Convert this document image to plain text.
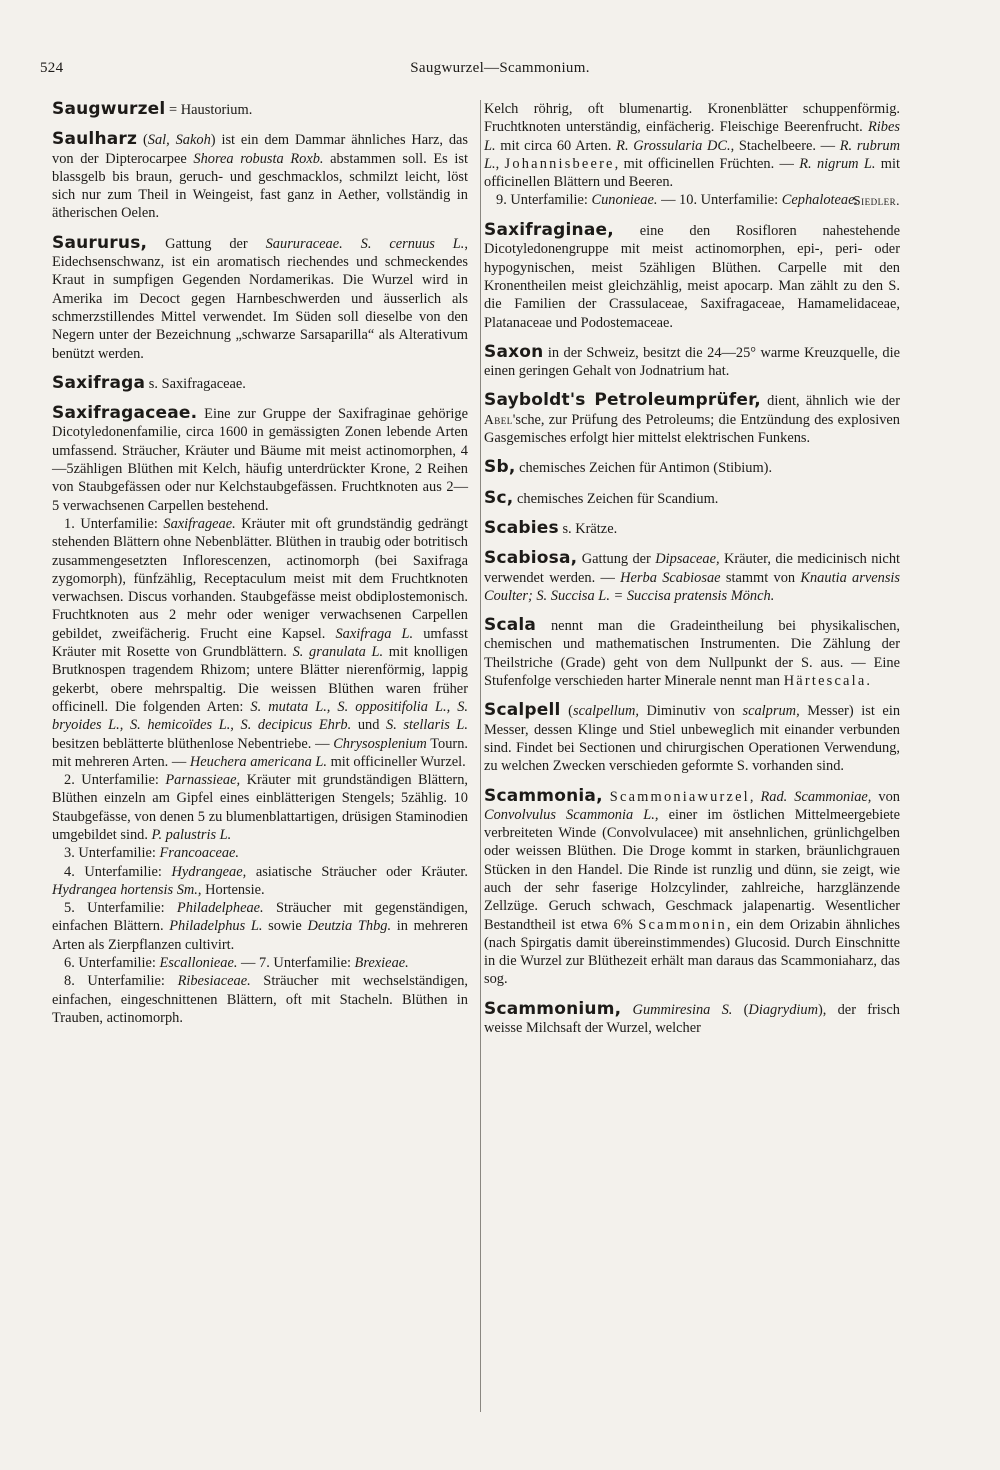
524	Saugwurzel—Scammonium.

Saugwurzel = Haustorium.

Saulharz (Sal, Sakoh) ist ein dem Dammar ähnliches Harz, das von der Dipterocarpee Shorea robusta Roxb. abstammen soll. Es ist blassgelb bis braun, geruch- und geschmacklos, schmilzt leicht, löst sich nur zum Theil in Weingeist, fast ganz in Aether, vollständig in ätherischen Oelen.

Saururus, Gattung der Saururaceae. S. cernuus L., Eidechsenschwanz, ist ein aromatisch riechendes und schmeckendes Kraut in sumpfigen Gegenden Nordamerikas. Die Wurzel wird in Amerika im Decoct gegen Harnbeschwerden und äusserlich als schmerzstillendes Mittel verwendet. Im Süden soll dieselbe von den Negern unter der Bezeichnung „schwarze Sarsaparilla“ als Alterativum benützt werden.

Saxifraga s. Saxifragaceae.

Saxifragaceae. Eine zur Gruppe der Saxifraginae gehörige Dicotyledonenfamilie, circa 1600 in gemässigten Zonen lebende Arten umfassend. Sträucher, Kräuter und Bäume mit meist actinomorphen, 4—5zähligen Blüthen mit Kelch, häufig unterdrückter Krone, 2 Reihen von Staubgefässen oder nur Kelchstaubgefässen. Fruchtknoten aus 2—5 verwachsenen Carpellen bestehend.

1. Unterfamilie: Saxifrageae. Kräuter mit oft grundständig gedrängt stehenden Blättern ohne Nebenblätter. Blüthen in traubig oder botritisch zusammengesetzten Inflorescenzen, actinomorph (bei Saxifraga zygomorph), fünfzählig, Receptaculum meist mit dem Fruchtknoten verwachsen. Discus vorhanden. Staubgefässe meist obdiplostemonisch. Fruchtknoten aus 2 mehr oder weniger verwachsenen Carpellen gebildet, zweifächerig. Frucht eine Kapsel. Saxifraga L. umfasst Kräuter mit Rosette von Grundblättern. S. granulata L. mit knolligen Brutknospen tragendem Rhizom; untere Blätter nierenförmig, lappig gekerbt, obere mehrspaltig. Die weissen Blüthen waren früher officinell. Die folgenden Arten: S. mutata L., S. oppositifolia L., S. bryoides L., S. hemicoïdes L., S. decipicus Ehrb. und S. stellaris L. besitzen beblätterte blüthenlose Nebentriebe. — Chrysosplenium Tourn. mit mehreren Arten. — Heuchera americana L. mit officineller Wurzel.

2. Unterfamilie: Parnassieae, Kräuter mit grundständigen Blättern, Blüthen einzeln am Gipfel eines einblätterigen Stengels; 5zählig. 10 Staubgefässe, von denen 5 zu blumenblattartigen, drüsigen Staminodien umgebildet sind. P. palustris L.

3. Unterfamilie: Francoaceae.

4. Unterfamilie: Hydrangeae, asiatische Sträucher oder Kräuter. Hydrangea hortensis Sm., Hortensie.

5. Unterfamilie: Philadelpheae. Sträucher mit gegenständigen, einfachen Blättern. Philadelphus L. sowie Deutzia Thbg. in mehreren Arten als Zierpflanzen cultivirt.

6. Unterfamilie: Escallonieae. — 7. Unterfamilie: Brexieae.

8. Unterfamilie: Ribesiaceae. Sträucher mit wechselständigen, einfachen, eingeschnittenen Blättern, oft mit Stacheln. Blüthen in Trauben, actinomorph.

Kelch röhrig, oft blumenartig. Kronenblätter schuppenförmig. Fruchtknoten unterständig, einfächerig. Fleischige Beerenfrucht. Ribes L. mit circa 60 Arten. R. Grossularia DC., Stachelbeere. — R. rubrum L., Johannisbeere, mit officinellen Früchten. — R. nigrum L. mit officinellen Blättern und Beeren.

9. Unterfamilie: Cunonieae. — 10. Unterfamilie: Cephaloteae.

Siedler.

Saxifraginae, eine den Rosifloren nahestehende Dicotyledonengruppe mit meist actinomorphen, epi-, peri- oder hypogynischen, meist 5zähligen Blüthen. Carpelle mit den Kronentheilen meist gleichzählig, meist apocarp. Man zählt zu den S. die Familien der Crassulaceae, Saxifragaceae, Hamamelidaceae, Platanaceae und Podostemaceae.

Saxon in der Schweiz, besitzt die 24—25° warme Kreuzquelle, die einen geringen Gehalt von Jodnatrium hat.

Sayboldt's Petroleumprüfer, dient, ähnlich wie der Abel'sche, zur Prüfung des Petroleums; die Entzündung des explosiven Gasgemisches erfolgt hier mittelst elektrischen Funkens.

Sb, chemisches Zeichen für Antimon (Stibium).

Sc, chemisches Zeichen für Scandium.

Scabies s. Krätze.

Scabiosa, Gattung der Dipsaceae, Kräuter, die medicinisch nicht verwendet werden. — Herba Scabiosae stammt von Knautia arvensis Coulter; S. Succisa L. = Succisa pratensis Mönch.

Scala nennt man die Gradeintheilung bei physikalischen, chemischen und mathematischen Instrumenten. Die Zählung der Theilstriche (Grade) geht von dem Nullpunkt der S. aus. — Eine Stufenfolge verschieden harter Minerale nennt man Härtescala.

Scalpell (scalpellum, Diminutiv von scalprum, Messer) ist ein Messer, dessen Klinge und Stiel unbeweglich mit einander verbunden sind. Findet bei Sectionen und chirurgischen Operationen Verwendung, zu welchen Zwecken verschieden geformte S. vorhanden sind.

Scammonia, Scammoniawurzel, Rad. Scammoniae, von Convolvulus Scammonia L., einer im östlichen Mittelmeergebiete verbreiteten Winde (Convolvulacee) mit ansehnlichen, grünlichgelben oder weissen Blüthen. Die Droge kommt in starken, bräunlichgrauen Stücken in den Handel. Die Rinde ist runzlig und dünn, sie zeigt, wie auch der sehr faserige Holzcylinder, zahlreiche, harzglänzende Zellzüge. Geruch schwach, Geschmack jalapenartig. Wesentlicher Bestandtheil ist etwa 6% Scammonin, ein dem Orizabin ähnliches (nach Spirgatis damit übereinstimmendes) Glucosid. Durch Einschnitte in die Wurzel zur Blüthezeit erhält man daraus das Scammoniaharz, das sog.

Scammonium, Gummiresina S. (Diagrydium), der frisch weisse Milchsaft der Wurzel, welcher
